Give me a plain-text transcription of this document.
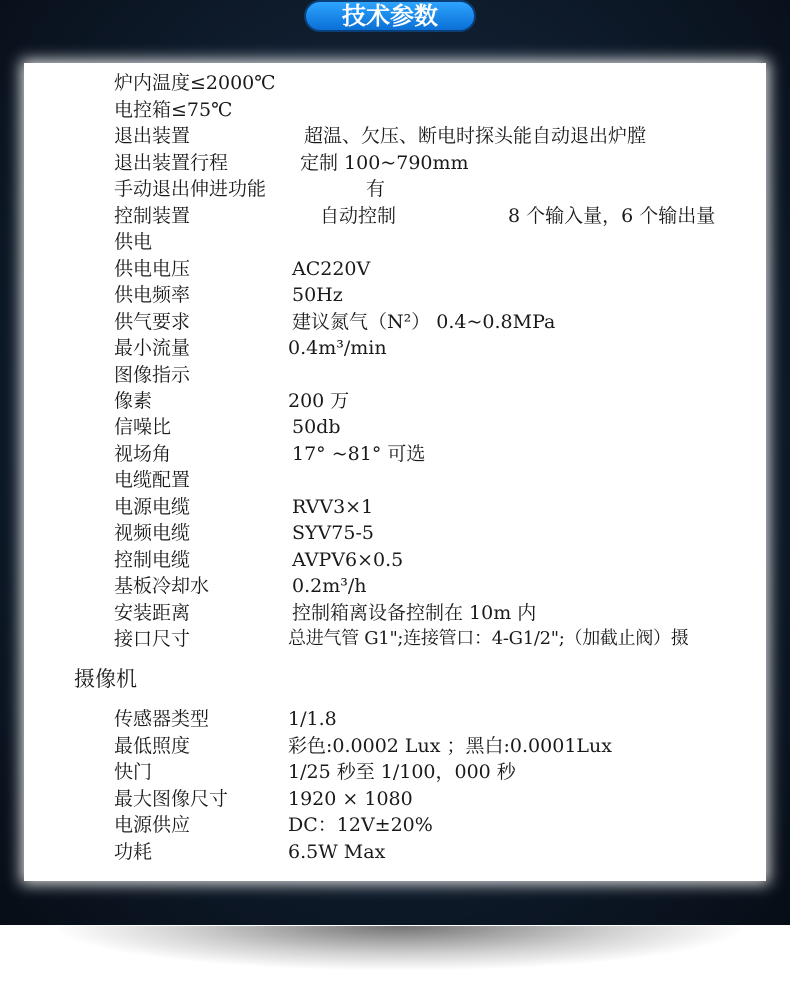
技术参数
炉内温度≤2000℃
电控箱≤75℃
退出装置	超温、欠压、断电时探头能自动退出炉膛
退出装置行程	定制 100~790mm
手动退出伸进功能	有
控制装置	自动控制	8 个输入量，6 个输出量
供电
供电电压	AC220V
供电频率	50Hz
供气要求	建议氮气（N²） 0.4~0.8MPa
最小流量	0.4m³/min
图像指示
像素	200 万
信噪比	50db
视场角	17° ~81° 可选
电缆配置
电源电缆	RVV3×1
视频电缆	SYV75-5
控制电缆	AVPV6×0.5
基板冷却水	0.2m³/h
安装距离	控制箱离设备控制在 10m 内
接口尺寸	总进气管 G1";连接管口：4-G1/2";（加截止阀）摄
摄像机
传感器类型	1/1.8
最低照度	彩色:0.0002 Lux ；黑白:0.0001Lux
快门	1/25 秒至 1/100，000 秒
最大图像尺寸	1920 × 1080
电源供应	DC：12V±20%
功耗	6.5W Max
